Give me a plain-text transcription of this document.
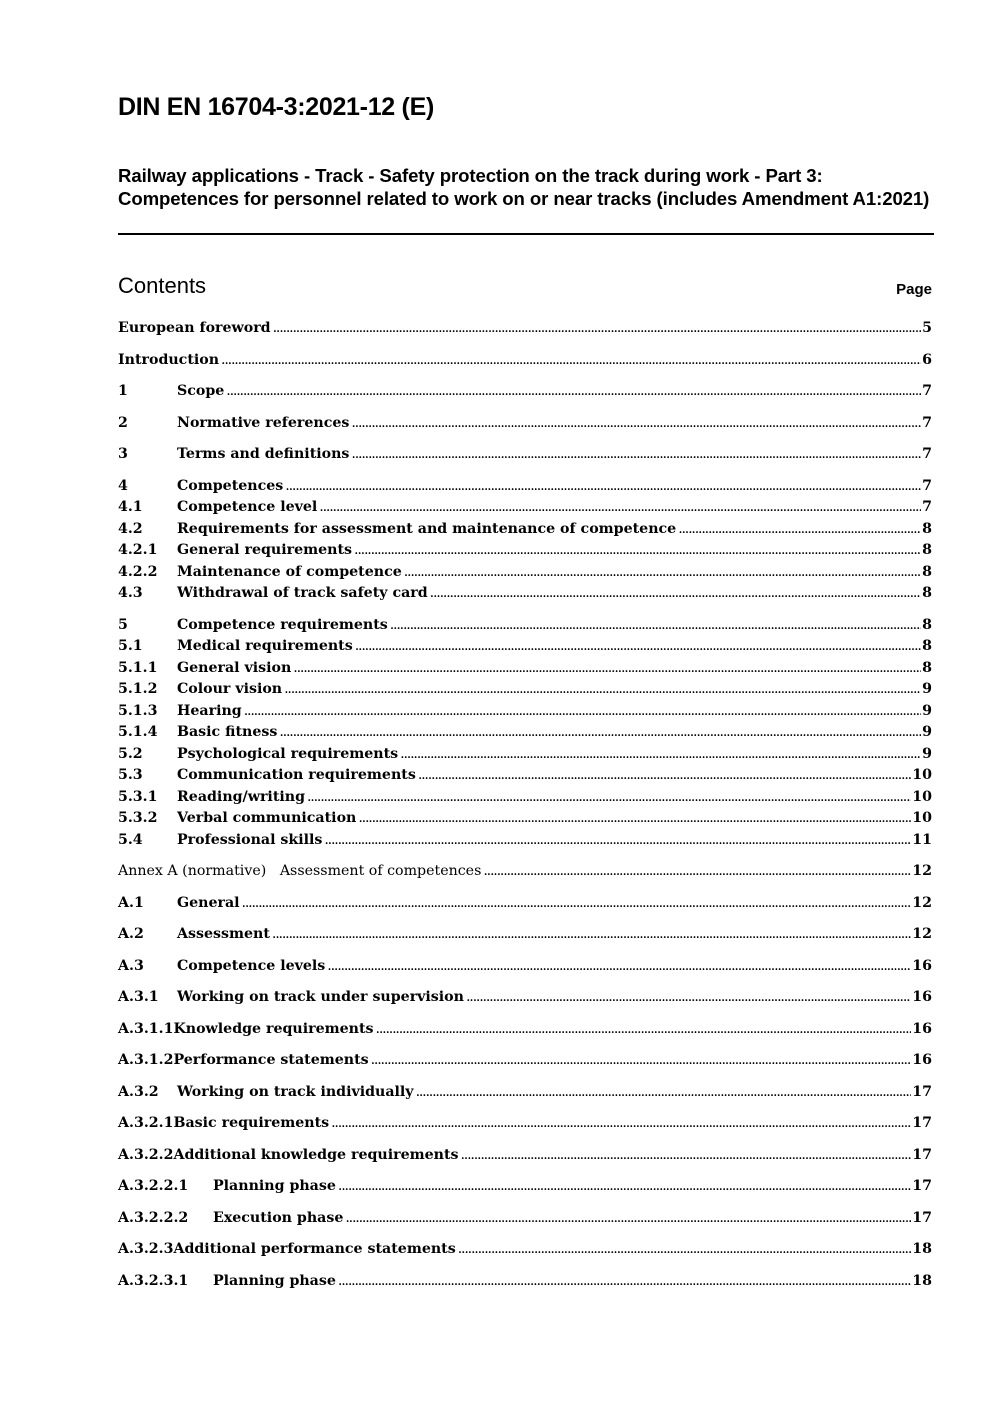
DIN EN 16704-3:2021-12 (E)

Railway applications - Track - Safety protection on the track during work - Part 3: Competences for personnel related to work on or near tracks (includes Amendment A1:2021)

Contents	Page
European foreword .....	5
Introduction .....	6
1	Scope .....	7
2	Normative references .....	7
3	Terms and definitions .....	7
4	Competences .....	7
4.1	Competence level .....	7
4.2	Requirements for assessment and maintenance of competence .....	8
4.2.1	General requirements .....	8
4.2.2	Maintenance of competence .....	8
4.3	Withdrawal of track safety card .....	8
5	Competence requirements .....	8
5.1	Medical requirements .....	8
5.1.1	General vision .....	8
5.1.2	Colour vision .....	9
5.1.3	Hearing .....	9
5.1.4	Basic fitness .....	9
5.2	Psychological requirements .....	9
5.3	Communication requirements .....	10
5.3.1	Reading/writing .....	10
5.3.2	Verbal communication .....	10
5.4	Professional skills .....	11
Annex A (normative) Assessment of competences .....	12
A.1	General .....	12
A.2	Assessment .....	12
A.3	Competence levels .....	16
A.3.1	Working on track under supervision .....	16
A.3.1.1 Knowledge requirements .....	16
A.3.1.2 Performance statements .....	16
A.3.2	Working on track individually .....	17
A.3.2.1 Basic requirements .....	17
A.3.2.2 Additional knowledge requirements .....	17
A.3.2.2.1	Planning phase .....	17
A.3.2.2.2	Execution phase .....	17
A.3.2.3 Additional performance statements .....	18
A.3.2.3.1	Planning phase .....	18
